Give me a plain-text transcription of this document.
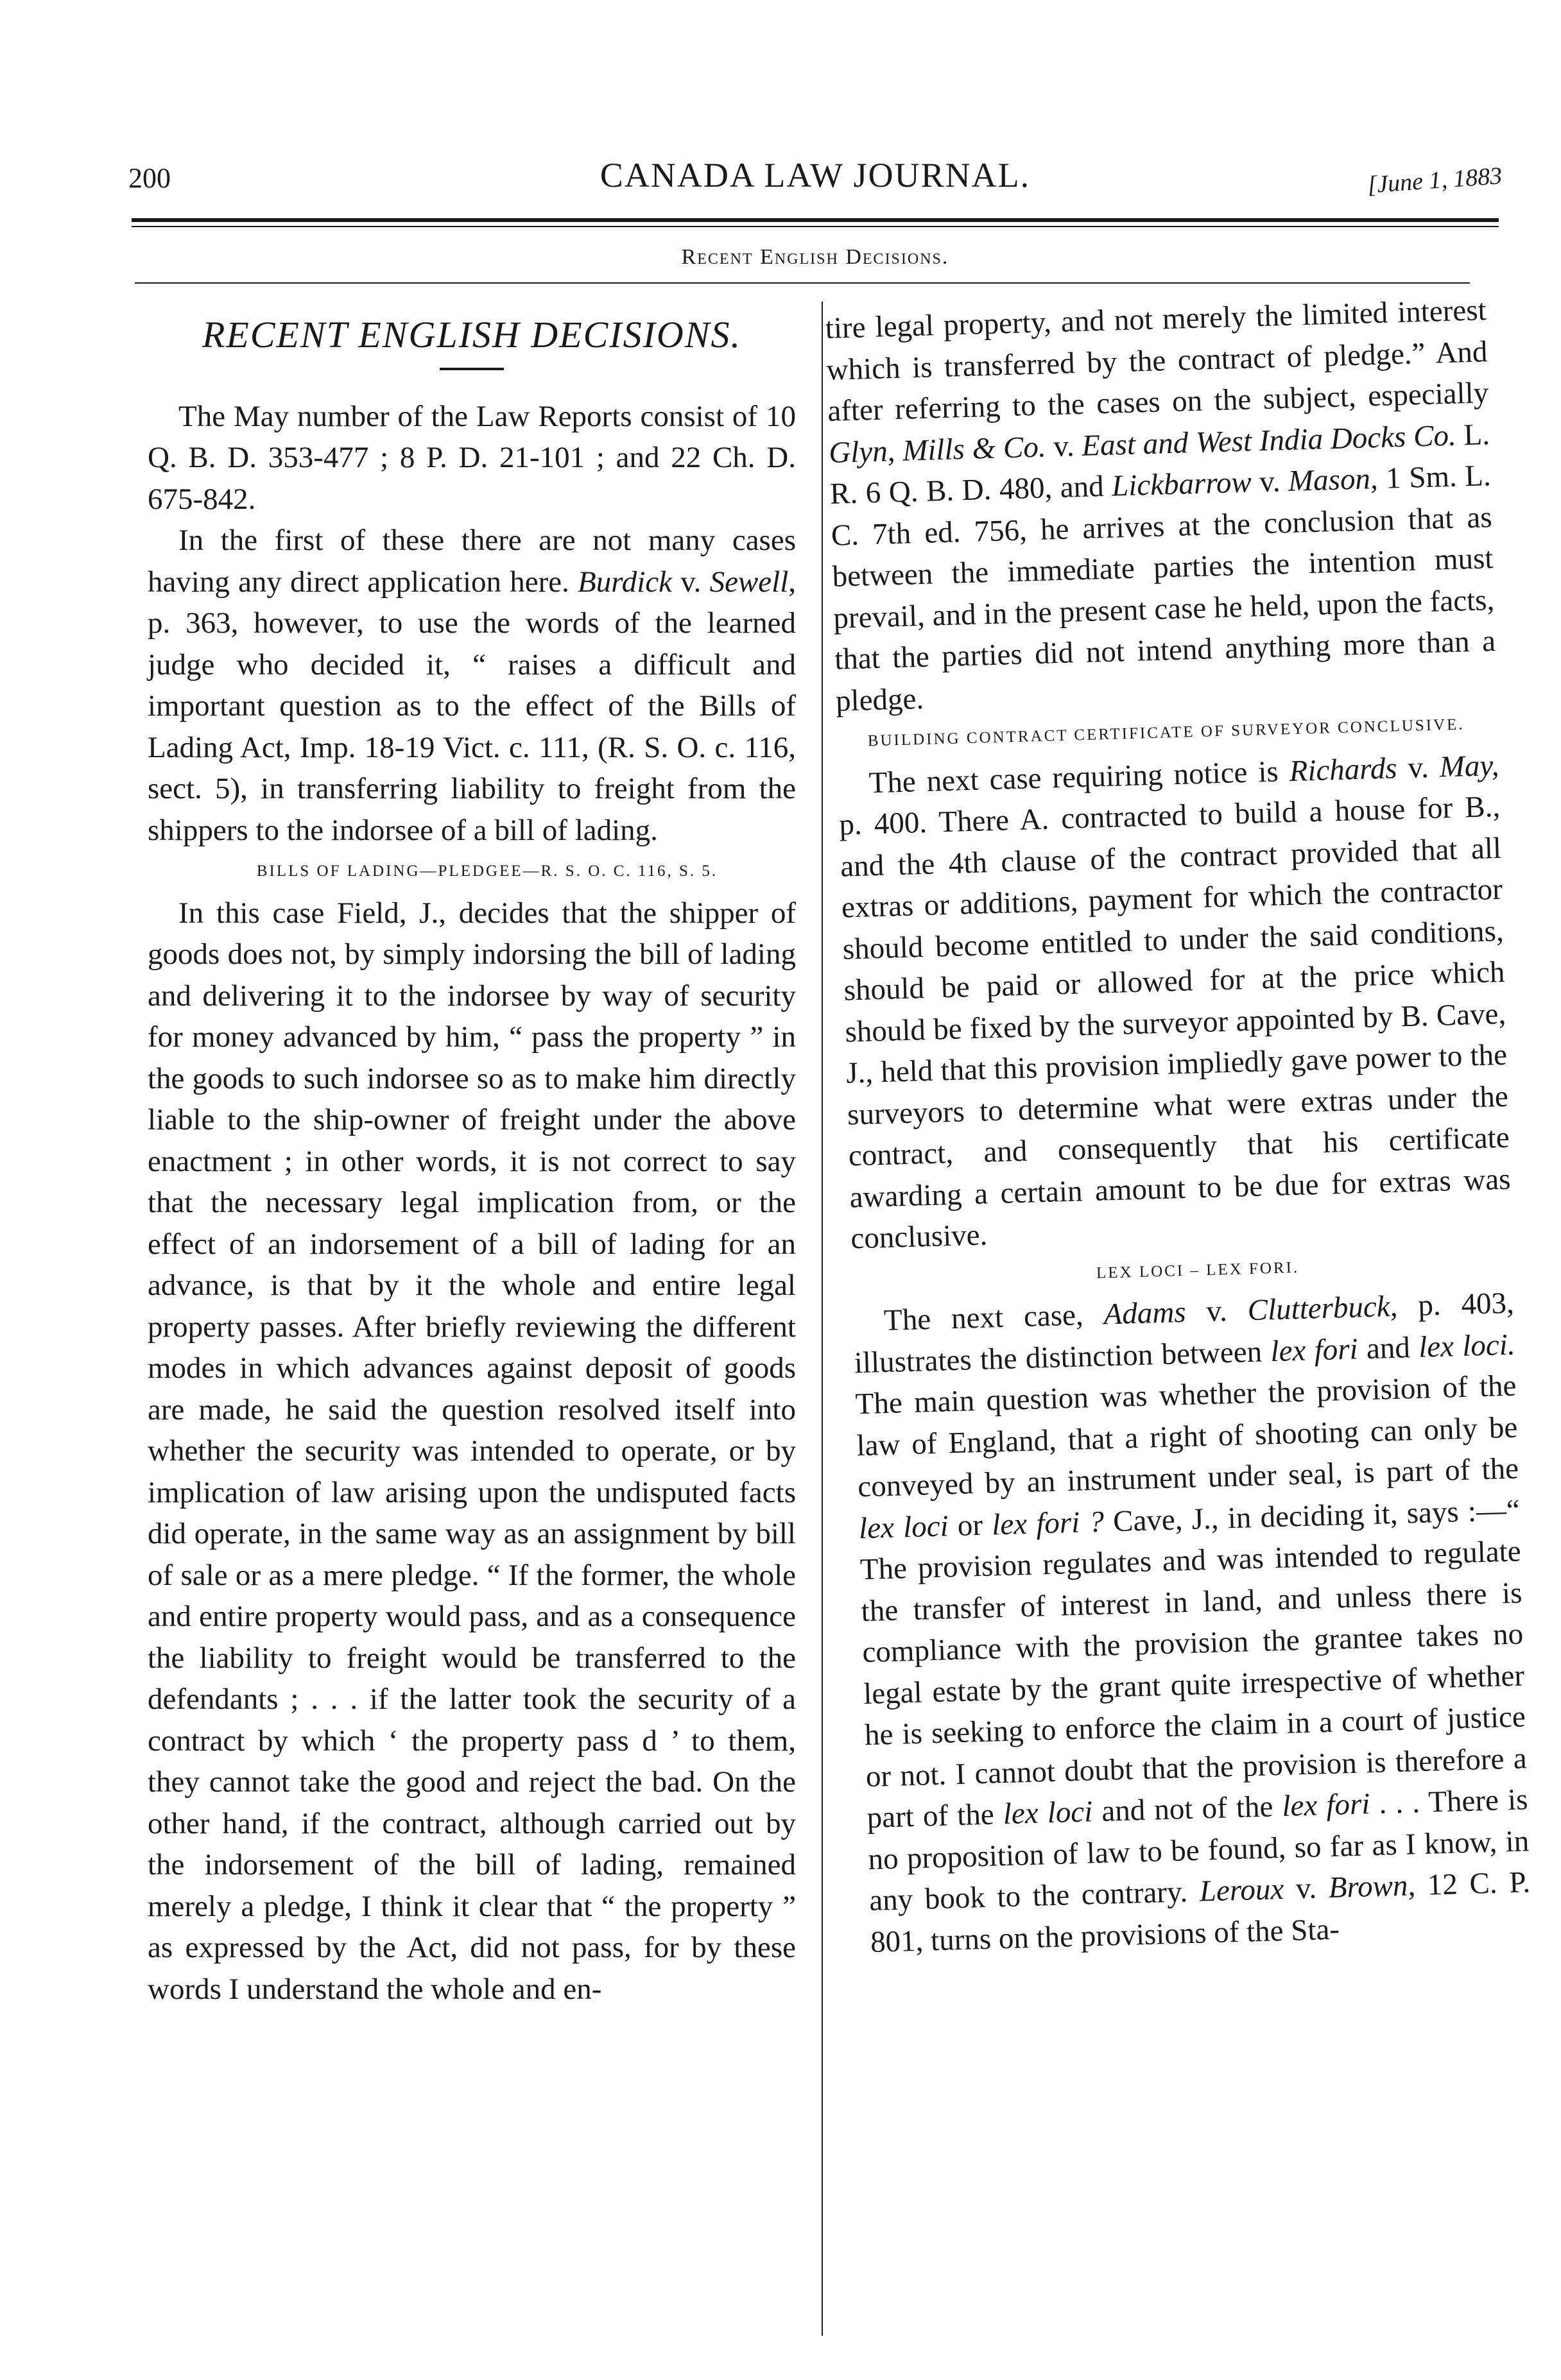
200	CANADA LAW JOURNAL.	[June 1, 1883
Recent English Decisions.
RECENT ENGLISH DECISIONS.

The May number of the Law Reports consist of 10 Q. B. D. 353-477 ; 8 P. D. 21-101 ; and 22 Ch. D. 675-842.

In the first of these there are not many cases having any direct application here. Burdick v. Sewell, p. 363, however, to use the words of the learned judge who decided it, “ raises a difficult and important question as to the effect of the Bills of Lading Act, Imp. 18-19 Vict. c. 111, (R. S. O. c. 116, sect. 5), in transferring liability to freight from the shippers to the indorsee of a bill of lading.

BILLS OF LADING—PLEDGEE—R. S. O. C. 116, S. 5.

In this case Field, J., decides that the shipper of goods does not, by simply indorsing the bill of lading and delivering it to the indorsee by way of security for money advanced by him, “ pass the property ” in the goods to such indorsee so as to make him directly liable to the ship-owner of freight under the above enactment ; in other words, it is not correct to say that the necessary legal implication from, or the effect of an indorsement of a bill of lading for an advance, is that by it the whole and entire legal property passes. After briefly reviewing the different modes in which advances against deposit of goods are made, he said the question resolved itself into whether the security was intended to operate, or by implication of law arising upon the undisputed facts did operate, in the same way as an assignment by bill of sale or as a mere pledge. “ If the former, the whole and entire property would pass, and as a consequence the liability to freight would be transferred to the defendants ; . . . if the latter took the security of a contract by which ‘ the property pass d ’ to them, they cannot take the good and reject the bad. On the other hand, if the contract, although carried out by the indorsement of the bill of lading, remained merely a pledge, I think it clear that “ the property ” as expressed by the Act, did not pass, for by these words I understand the whole and en-

tire legal property, and not merely the limited interest which is transferred by the contract of pledge.” And after referring to the cases on the subject, especially Glyn, Mills & Co. v. East and West India Docks Co. L. R. 6 Q. B. D. 480, and Lickbarrow v. Mason, 1 Sm. L. C. 7th ed. 756, he arrives at the conclusion that as between the immediate parties the intention must prevail, and in the present case he held, upon the facts, that the parties did not intend anything more than a pledge.

BUILDING CONTRACT CERTIFICATE OF SURVEYOR CONCLUSIVE.

The next case requiring notice is Richards v. May, p. 400. There A. contracted to build a house for B., and the 4th clause of the contract provided that all extras or additions, payment for which the contractor should become entitled to under the said conditions, should be paid or allowed for at the price which should be fixed by the surveyor appointed by B. Cave, J., held that this provision impliedly gave power to the surveyors to determine what were extras under the contract, and consequently that his certificate awarding a certain amount to be due for extras was conclusive.

LEX LOCI – LEX FORI.

The next case, Adams v. Clutterbuck, p. 403, illustrates the distinction between lex fori and lex loci. The main question was whether the provision of the law of England, that a right of shooting can only be conveyed by an instrument under seal, is part of the lex loci or lex fori ? Cave, J., in deciding it, says :—“ The provision regulates and was intended to regulate the transfer of interest in land, and unless there is compliance with the provision the grantee takes no legal estate by the grant quite irrespective of whether he is seeking to enforce the claim in a court of justice or not. I cannot doubt that the provision is therefore a part of the lex loci and not of the lex fori . . . There is no proposition of law to be found, so far as I know, in any book to the contrary. Leroux v. Brown, 12 C. P. 801, turns on the provisions of the Sta-
